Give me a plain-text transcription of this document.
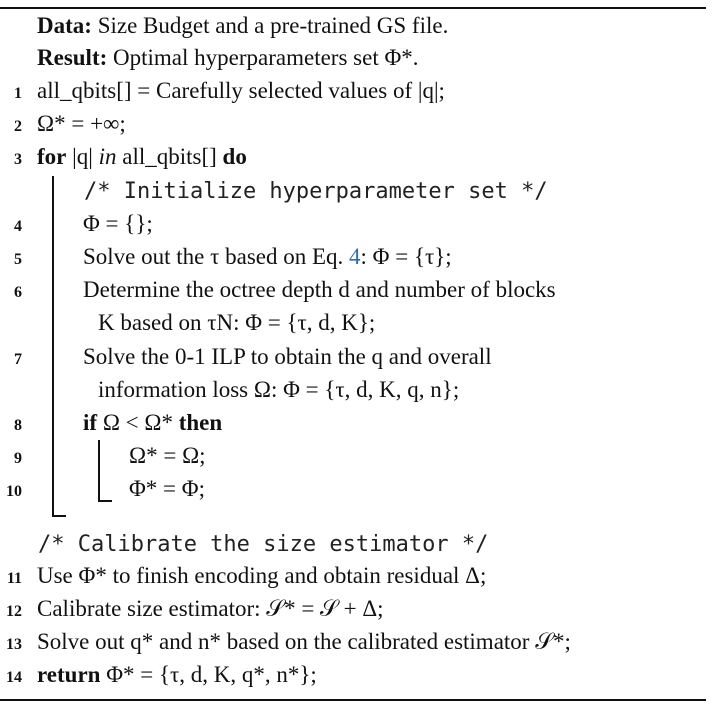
Data: Size Budget and a pre-trained GS file.
Result: Optimal hyperparameters set Φ*.
1 all_qbits[] = Carefully selected values of |q|;
2 Ω* = +∞;
3 for |q| in all_qbits[] do
/* Initialize hyperparameter set */
4	Φ = {};
5	Solve out the τ based on Eq. 4: Φ = {τ};
6	Determine the octree depth d and number of blocks
K based on τN: Φ = {τ, d, K};
7	Solve the 0-1 ILP to obtain the q and overall
information loss Ω: Φ = {τ, d, K, q, n};
8	if Ω < Ω* then
9	Ω* = Ω;
10	Φ* = Φ;
/* Calibrate the size estimator */
11 Use Φ* to finish encoding and obtain residual Δ;
12 Calibrate size estimator: 𝒮* = 𝒮 + Δ;
13 Solve out q* and n* based on the calibrated estimator 𝒮*;
14 return Φ* = {τ, d, K, q*, n*};
